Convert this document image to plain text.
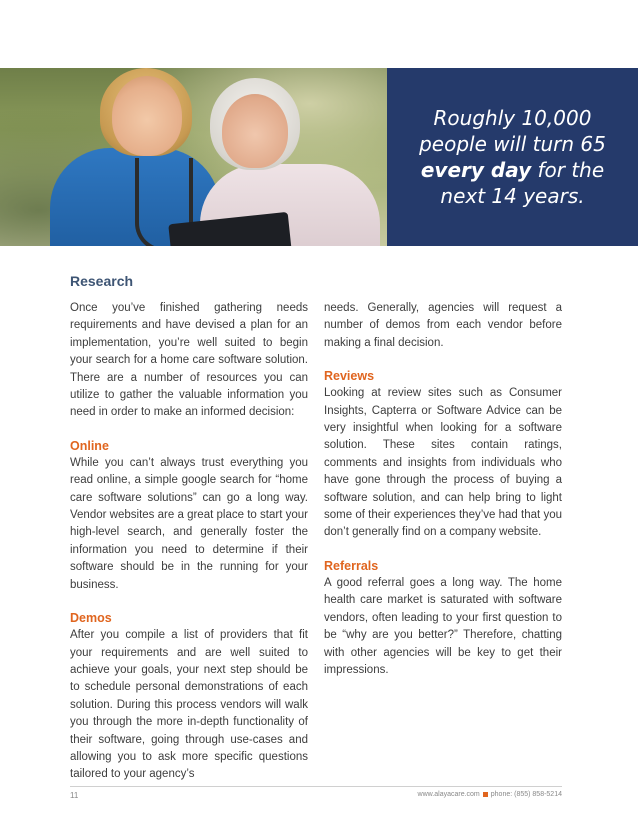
Roughly 10,000 people will turn 65 every day for the next 14 years.
Research

Once you’ve finished gathering needs requirements and have devised a plan for an implementation, you’re well suited to begin your search for a home care software solution. There are a number of resources you can utilize to gather the valuable information you need in order to make an informed decision:

Online

While you can’t always trust everything you read online, a simple google search for “home care software solutions” can go a long way. Vendor websites are a great place to start your high-level search, and generally foster the information you need to determine if their software should be in the running for your business.

Demos

After you compile a list of providers that fit your requirements and are well suited to achieve your goals, your next step should be to schedule personal demonstrations of each solution. During this process vendors will walk you through the more in-depth functionality of their software, going through use-cases and allowing you to ask more specific questions tailored to your agency’s

needs. Generally, agencies will request a number of demos from each vendor before making a final decision.

Reviews

Looking at review sites such as Consumer Insights, Capterra or Software Advice can be very insightful when looking for a software solution. These sites contain ratings, comments and insights from individuals who have gone through the process of buying a software solution, and can help bring to light some of their experiences they’ve had that you don’t generally find on a company website.

Referrals

A good referral goes a long way. The home health care market is saturated with software vendors, often leading to your first question to be “why are you better?” Therefore, chatting with other agencies will be key to get their impressions.

11	www.alayacare.com phone: (855) 858-5214
